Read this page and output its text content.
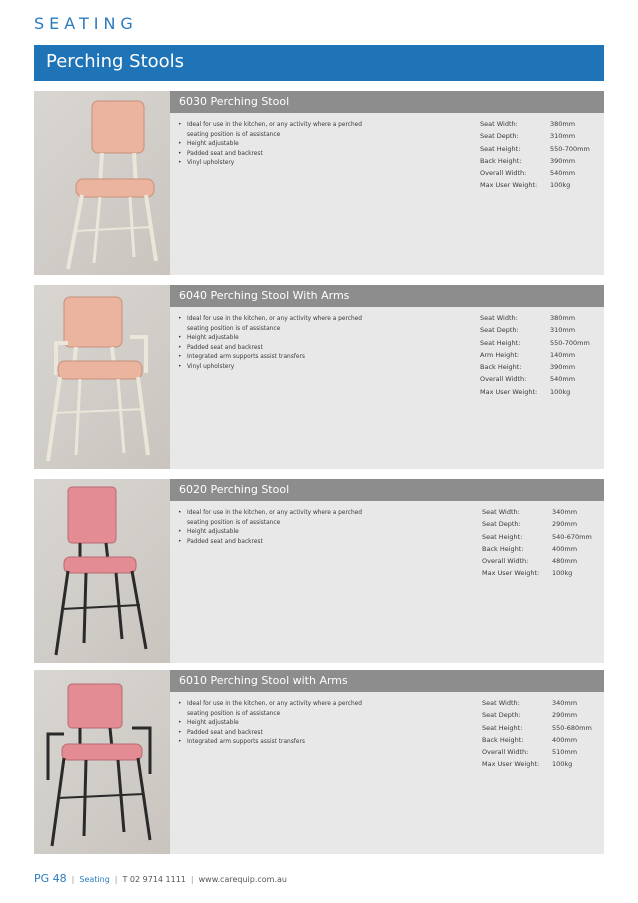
SEATING
Perching Stools
6030 Perching Stool
• Ideal for use in the kitchen, or any activity where a perched seating position is of assistance
• Height adjustable
• Padded seat and backrest
• Vinyl upholstery
Seat Width:	380mm
Seat Depth:	310mm
Seat Height:	550-700mm
Back Height:	390mm
Overall Width:	540mm
Max User Weight: 100kg
6040 Perching Stool With Arms
• Ideal for use in the kitchen, or any activity where a perched seating position is of assistance
• Height adjustable
• Padded seat and backrest
• Integrated arm supports assist transfers
• Vinyl upholstery
Seat Width:	380mm
Seat Depth:	310mm
Seat Height:	550-700mm
Arm Height:	140mm
Back Height:	390mm
Overall Width:	540mm
Max User Weight: 100kg
6020 Perching Stool
• Ideal for use in the kitchen, or any activity where a perched seating position is of assistance
• Height adjustable
• Padded seat and backrest
Seat Width:	340mm
Seat Depth:	290mm
Seat Height:	540-670mm
Back Height:	400mm
Overall Width:	480mm
Max User Weight: 100kg
6010 Perching Stool with Arms
• Ideal for use in the kitchen, or any activity where a perched seating position is of assistance
• Height adjustable
• Padded seat and backrest
• Integrated arm supports assist transfers
Seat Width:	340mm
Seat Depth:	290mm
Seat Height:	550-680mm
Back Height:	400mm
Overall Width:	510mm
Max User Weight: 100kg
PG 48 | Seating | T 02 9714 1111 | www.carequip.com.au
